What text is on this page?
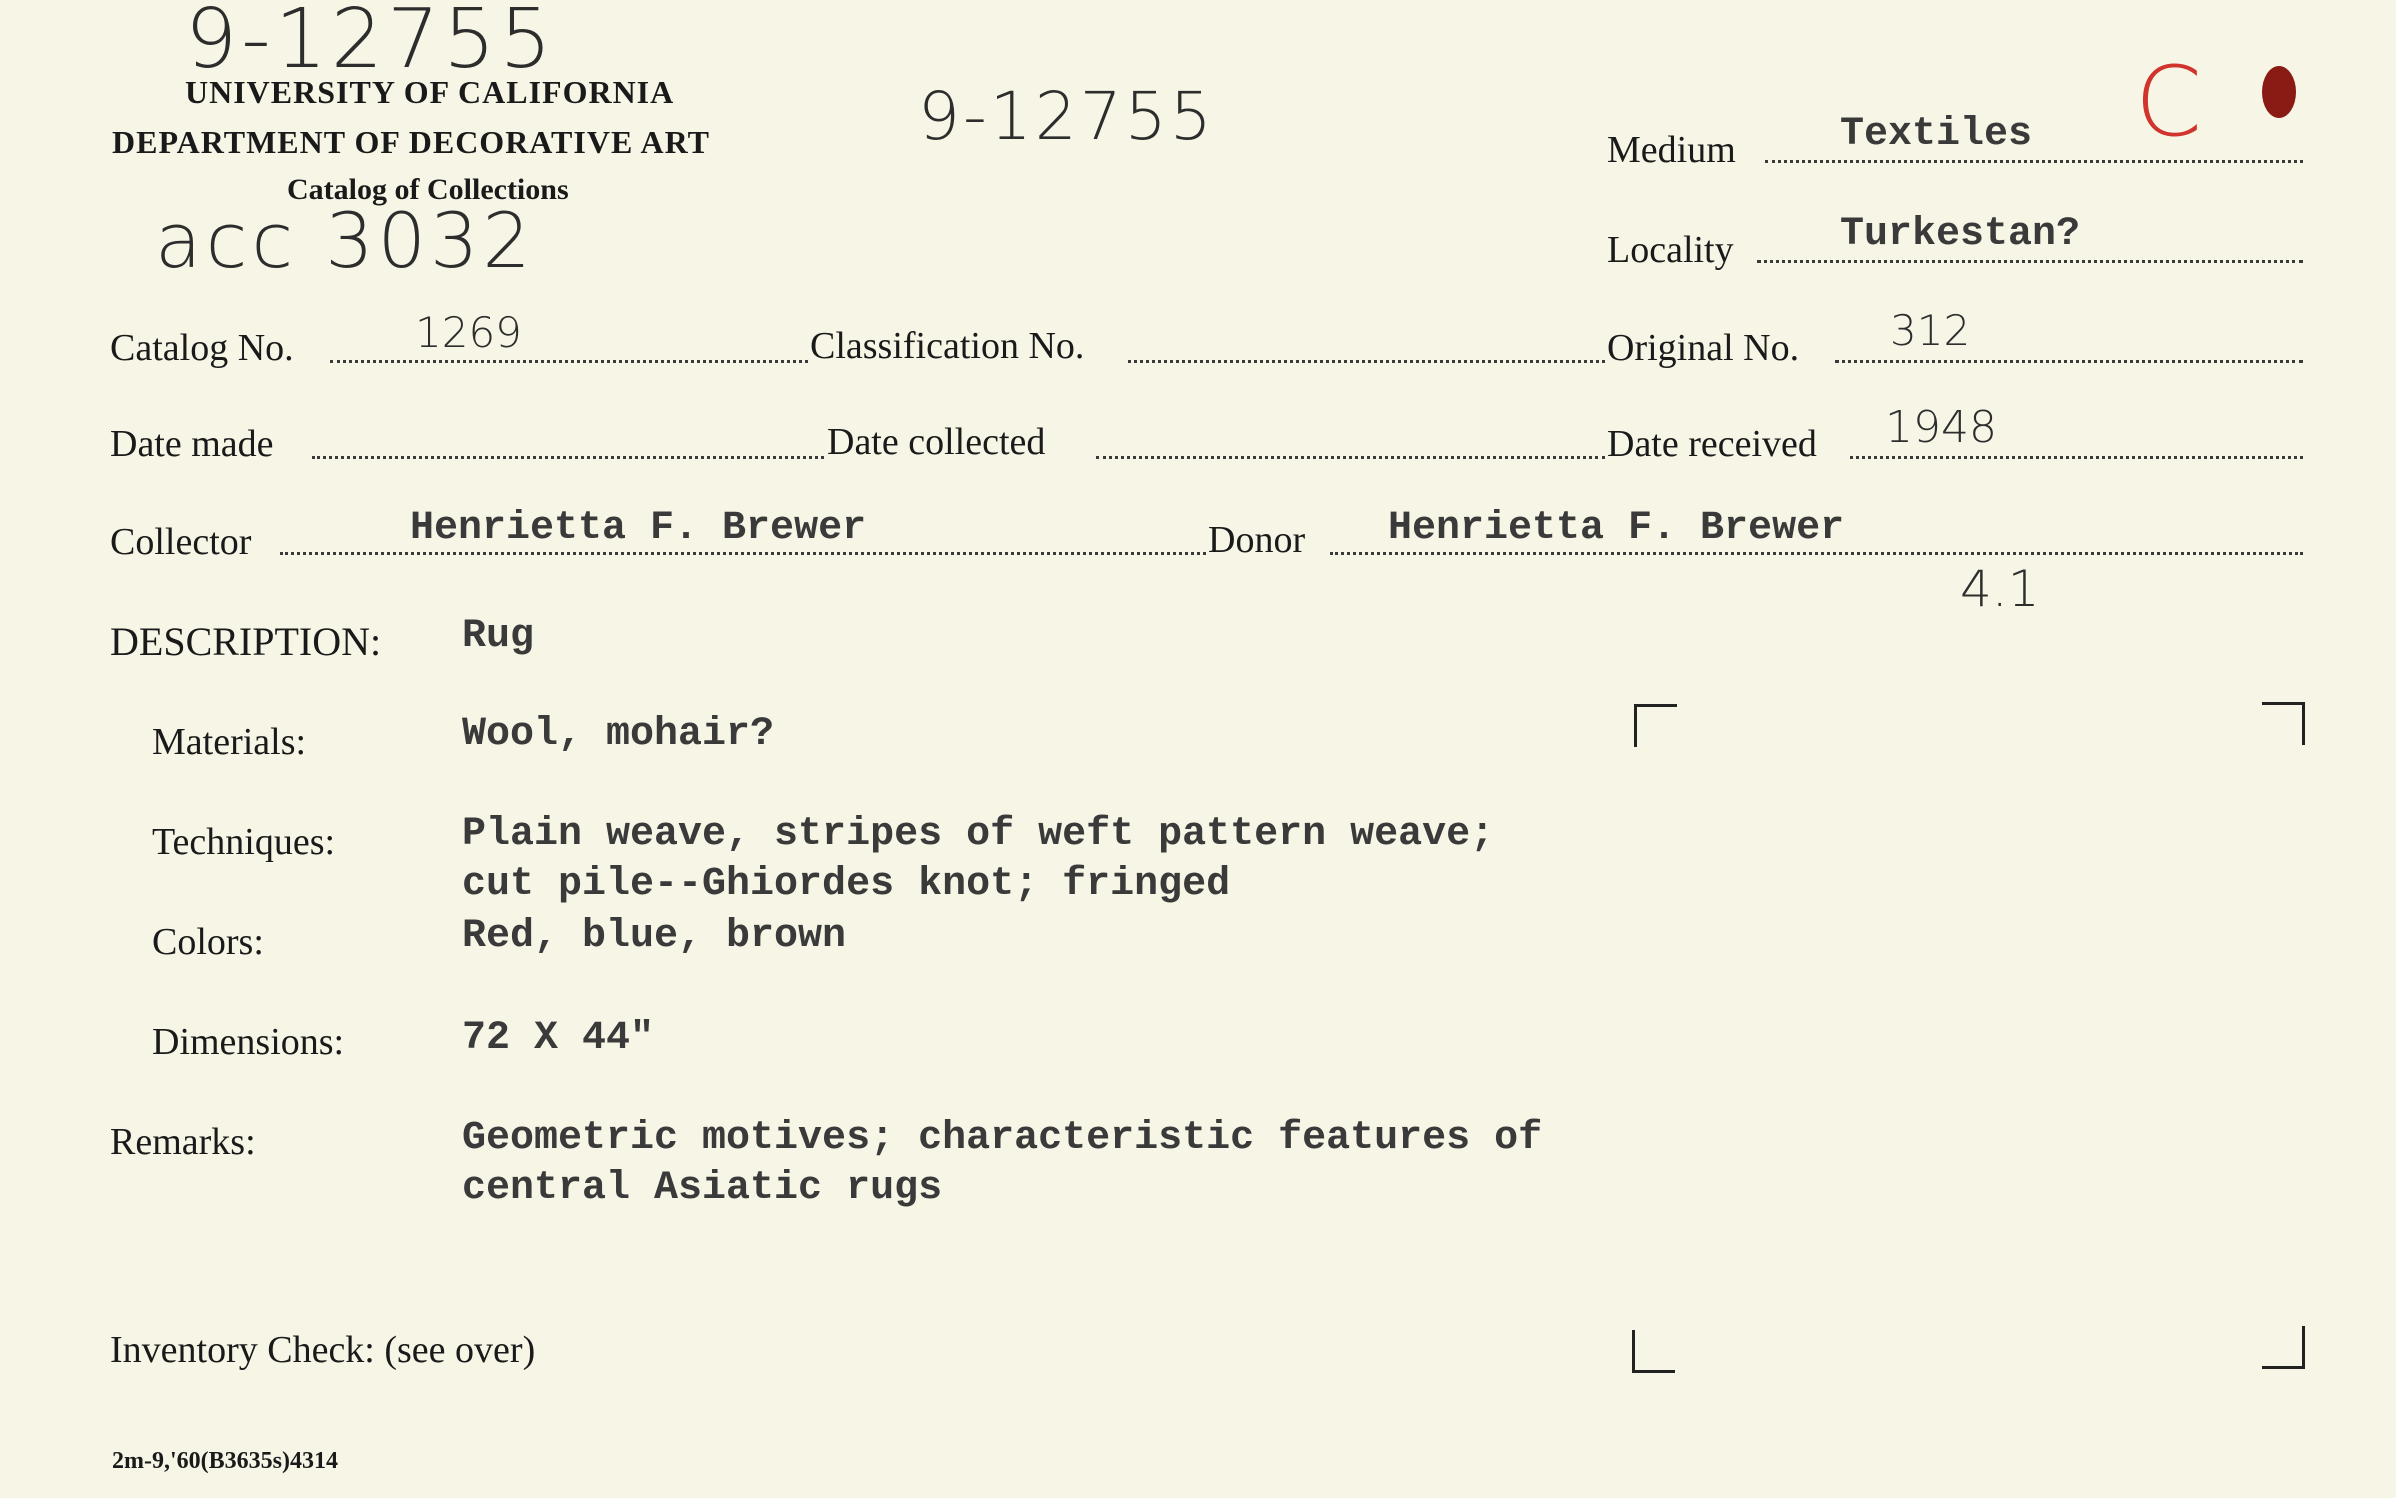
9-12755
9-12755
acc 3032
C
4.1
UNIVERSITY OF CALIFORNIA
DEPARTMENT OF DECORATIVE ART
Catalog of Collections
Medium	Textiles
Locality	Turkestan?
Catalog No.	1269	Classification No.	Original No. 312
Date made	Date collected	Date received 1948
Collector	Henrietta F. Brewer	Donor Henrietta F. Brewer
DESCRIPTION: Rug
Materials:	Wool, mohair?
Techniques:	Plain weave, stripes of weft pattern weave;
cut pile--Ghiordes knot; fringed
Colors:	Red, blue, brown
Dimensions:	72 X 44"
Remarks:	Geometric motives; characteristic features of
central Asiatic rugs
Inventory Check: (see over)
2m-9,'60(B3635s)4314
